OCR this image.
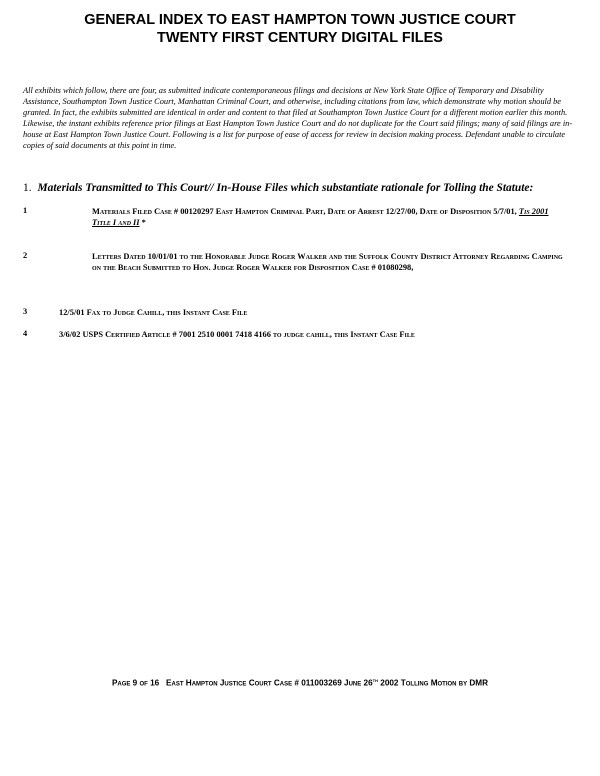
GENERAL INDEX TO EAST HAMPTON TOWN JUSTICE COURT
TWENTY FIRST CENTURY DIGITAL FILES
All exhibits which follow, there are four, as submitted indicate contemporaneous filings and decisions at New York State Office of Temporary and Disability Assistance, Southampton Town Justice Court, Manhattan Criminal Court, and otherwise, including citations from law, which demonstrate why motion should be granted. In fact, the exhibits submitted are identical in order and content to that filed at Southampton Town Justice Court for a different motion earlier this month. Likewise, the instant exhibits reference prior filings at East Hampton Town Justice Court and do not duplicate for the Court said filings; many of said filings are in-house at East Hampton Town Justice Court. Following is a list for purpose of ease of access for review in decision making process. Defendant unable to circulate copies of said documents at this point in time.
1. Materials Transmitted to This Court// In-House Files which substantiate rationale for Tolling the Statute:
1	Materials Filed Case # 00120297 East Hampton Criminal Part, Date of Arrest 12/27/00, Date of Disposition 5/7/01, Tis 2001 Title I and II *
2	Letters Dated 10/01/01 to the Honorable Judge Roger Walker and the Suffolk County District Attorney Regarding Camping on the Beach Submitted to Hon. Judge Roger Walker for Disposition Case # 01080298,
3	12/5/01 Fax to Judge Cahill, this Instant Case File
4	3/6/02 USPS Certified Article # 7001 2510 0001 7418 4166 to judge cahill, this Instant Case File
Page 9 of 16 East Hampton Justice Court Case # 011003269 June 26th 2002 Tolling Motion by DMR
